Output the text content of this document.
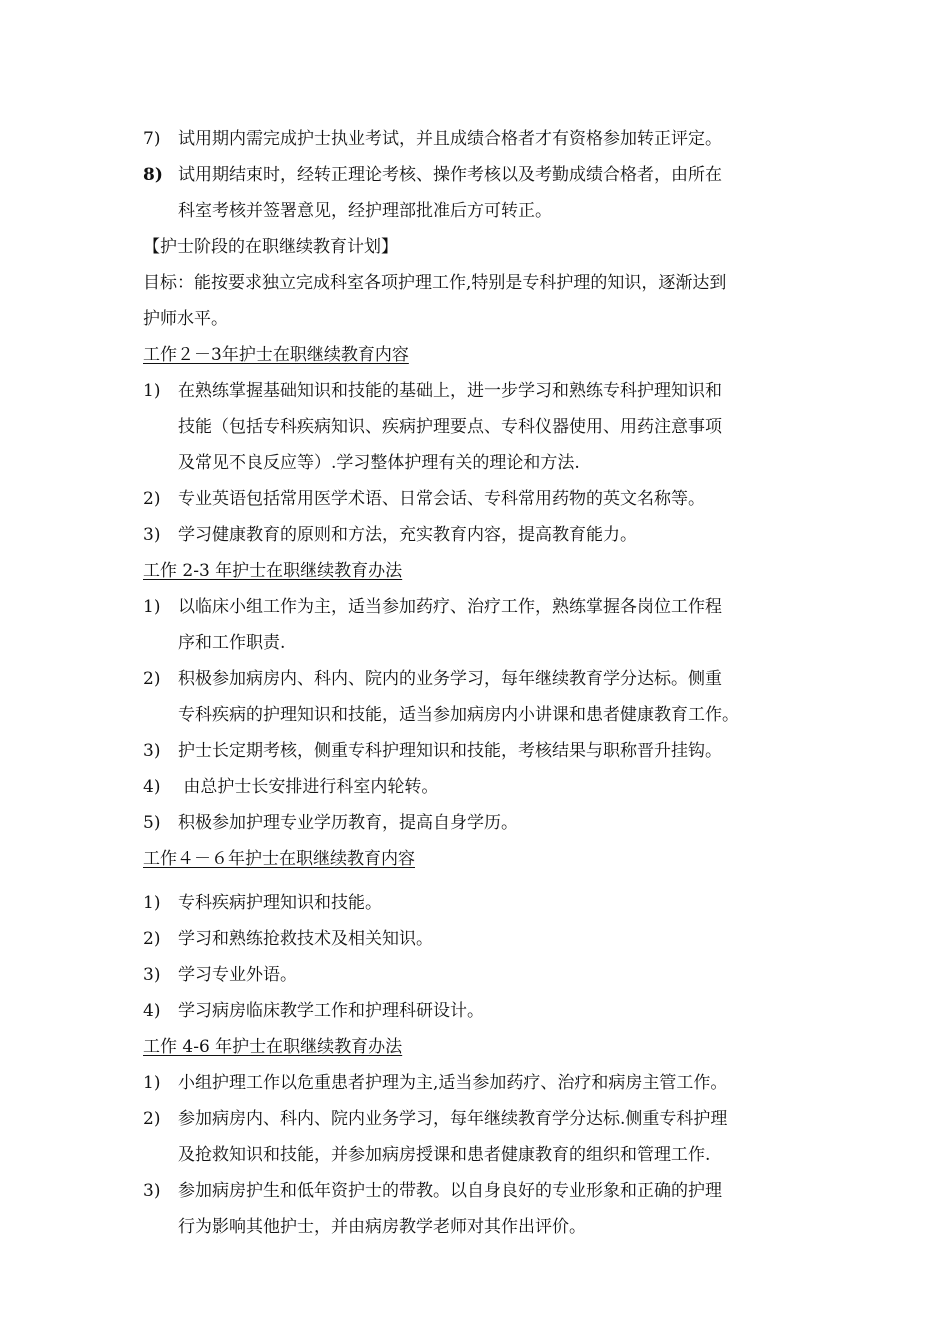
7)	试用期内需完成护士执业考试，并且成绩合格者才有资格参加转正评定。
8) 试用期结束时，经转正理论考核、操作考核以及考勤成绩合格者，由所在
科室考核并签署意见，经护理部批准后方可转正。
【护士阶段的在职继续教育计划】
目标：能按要求独立完成科室各项护理工作,特别是专科护理的知识，逐渐达到
护师水平。
工作２－3年护士在职继续教育内容
1)	在熟练掌握基础知识和技能的基础上，进一步学习和熟练专科护理知识和
技能（包括专科疾病知识、疾病护理要点、专科仪器使用、用药注意事项
及常见不良反应等）.学习整体护理有关的理论和方法.
2)	专业英语包括常用医学术语、日常会话、专科常用药物的英文名称等。
3)	学习健康教育的原则和方法，充实教育内容，提高教育能力。
工作 2-3 年护士在职继续教育办法
1)	以临床小组工作为主，适当参加药疗、治疗工作，熟练掌握各岗位工作程
序和工作职责.
2)	积极参加病房内、科内、院内的业务学习，每年继续教育学分达标。侧重
专科疾病的护理知识和技能，适当参加病房内小讲课和患者健康教育工作。
3)	护士长定期考核，侧重专科护理知识和技能，考核结果与职称晋升挂钩。
4)	由总护士长安排进行科室内轮转。
5)	积极参加护理专业学历教育，提高自身学历。
工作４－６年护士在职继续教育内容
1)	专科疾病护理知识和技能。
2)	学习和熟练抢救技术及相关知识。
3)	学习专业外语。
4)	学习病房临床教学工作和护理科研设计。
工作 4-6 年护士在职继续教育办法
1)	小组护理工作以危重患者护理为主,适当参加药疗、治疗和病房主管工作。
2)	参加病房内、科内、院内业务学习，每年继续教育学分达标.侧重专科护理
及抢救知识和技能，并参加病房授课和患者健康教育的组织和管理工作.
3)	参加病房护生和低年资护士的带教。以自身良好的专业形象和正确的护理
行为影响其他护士，并由病房教学老师对其作出评价。
